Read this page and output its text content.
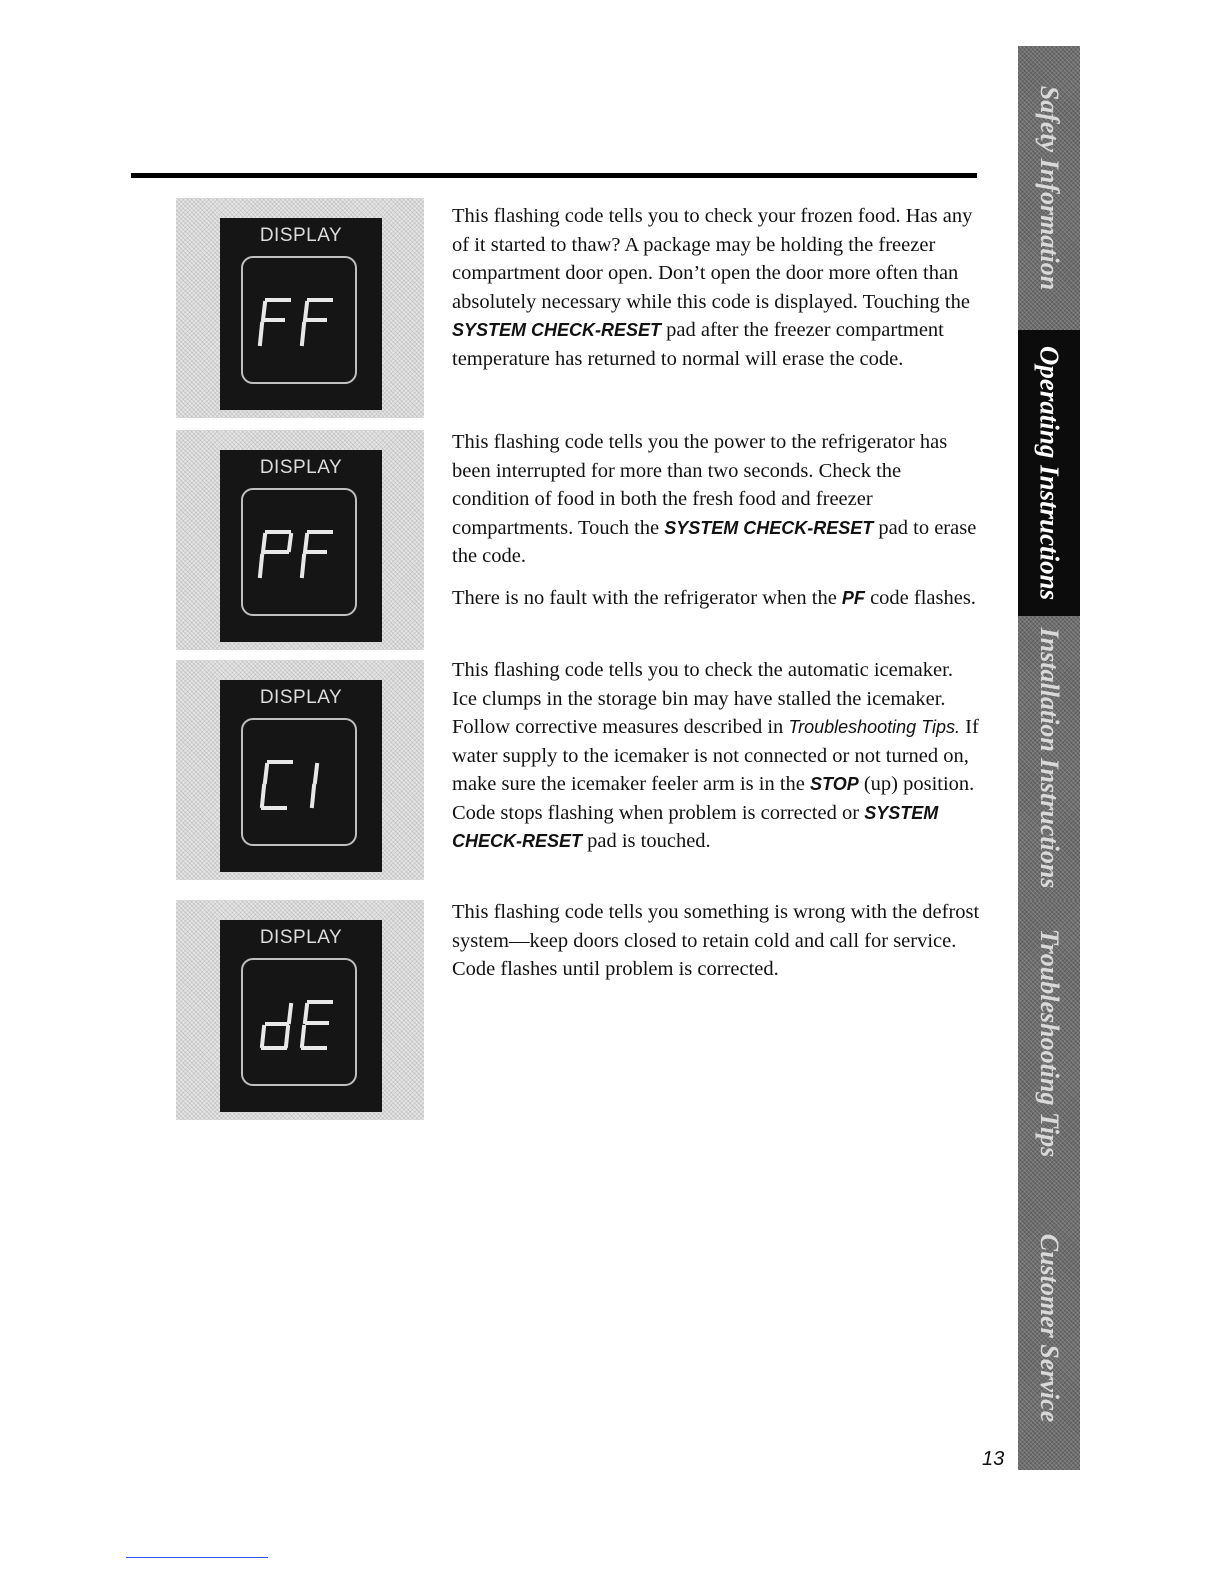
DISPLAY
DISPLAY
DISPLAY
DISPLAY

This flashing code tells you to check your frozen food. Has any of it started to thaw? A package may be holding the freezer compartment door open. Don’t open the door more often than absolutely necessary while this code is displayed. Touching the SYSTEM CHECK-RESET pad after the freezer compartment temperature has returned to normal will erase the code.

This flashing code tells you the power to the refrigerator has been interrupted for more than two seconds. Check the condition of food in both the fresh food and freezer compartments. Touch the SYSTEM CHECK-RESET pad to erase the code.

There is no fault with the refrigerator when the PF code flashes.

This flashing code tells you to check the automatic icemaker. Ice clumps in the storage bin may have stalled the icemaker. Follow corrective measures described in Troubleshooting Tips. If water supply to the icemaker is not connected or not turned on, make sure the icemaker feeler arm is in the STOP (up) position. Code stops flashing when problem is corrected or SYSTEM CHECK-RESET pad is touched.

This flashing code tells you something is wrong with the defrost system—keep doors closed to retain cold and call for service. Code flashes until problem is corrected.

Safety Information
Operating Instructions
Installation Instructions
Troubleshooting Tips
Customer Service
13
